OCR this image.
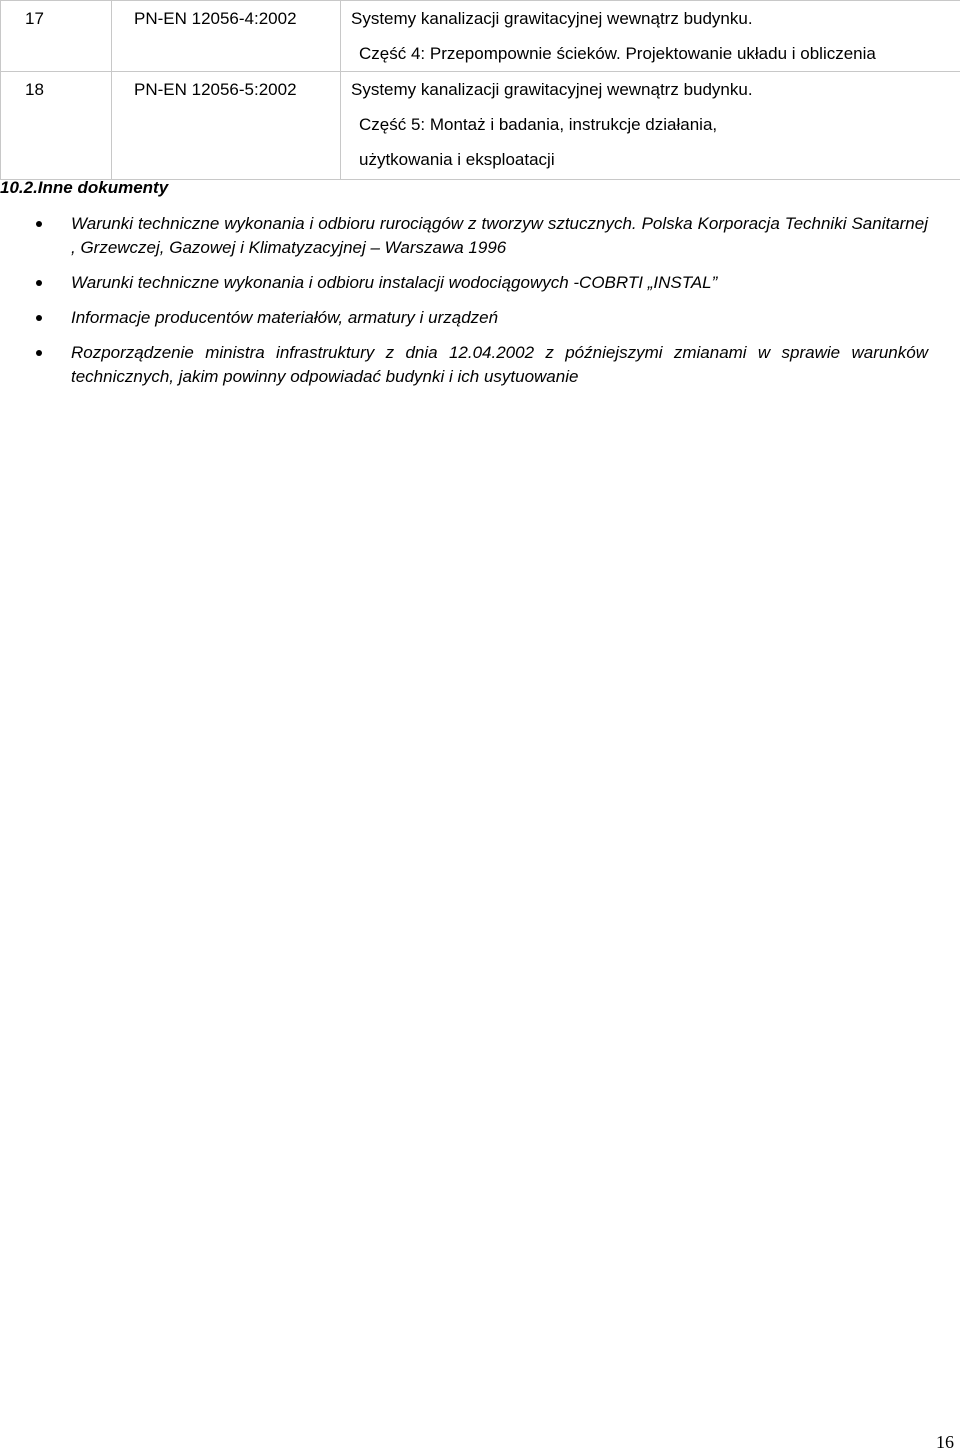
17	PN-EN 12056-4:2002	Systemy kanalizacji grawitacyjnej wewnątrz budynku.
Część 4: Przepompownie ścieków. Projektowanie układu i obliczenia

18	PN-EN 12056-5:2002	Systemy kanalizacji grawitacyjnej wewnątrz budynku.
Część 5: Montaż i badania, instrukcje działania,
użytkowania i eksploatacji
10.2.Inne dokumenty
Warunki techniczne wykonania i odbioru rurociągów z tworzyw sztucznych. Polska Korporacja Techniki Sanitarnej , Grzewczej, Gazowej i Klimatyzacyjnej – Warszawa 1996
Warunki techniczne wykonania i odbioru instalacji wodociągowych -COBRTI „INSTAL”
Informacje producentów materiałów, armatury i urządzeń
Rozporządzenie ministra infrastruktury z dnia 12.04.2002 z późniejszymi zmianami w sprawie warunków technicznych, jakim powinny odpowiadać budynki i ich usytuowanie
16
